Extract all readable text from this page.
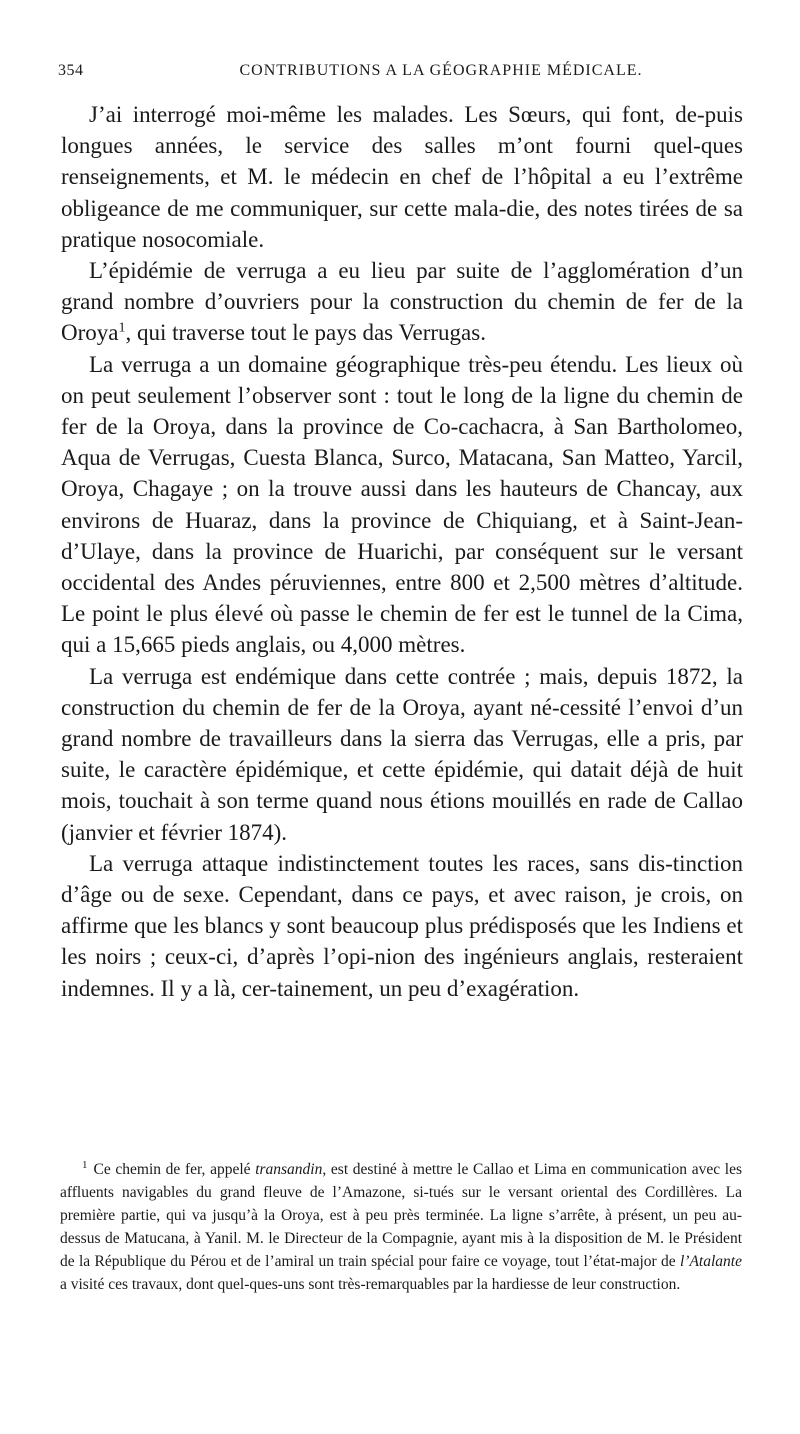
354	CONTRIBUTIONS A LA GÉOGRAPHIE MÉDICALE.

J’ai interrogé moi-même les malades. Les Sœurs, qui font, de-puis longues années, le service des salles m’ont fourni quel-ques renseignements, et M. le médecin en chef de l’hôpital a eu l’extrême obligeance de me communiquer, sur cette mala-die, des notes tirées de sa pratique nosocomiale.

L’épidémie de verruga a eu lieu par suite de l’agglomération d’un grand nombre d’ouvriers pour la construction du chemin de fer de la Oroya$^1$, qui traverse tout le pays das Verrugas.

La verruga a un domaine géographique très-peu étendu. Les lieux où on peut seulement l’observer sont : tout le long de la ligne du chemin de fer de la Oroya, dans la province de Co-cachacra, à San Bartholomeo, Aqua de Verrugas, Cuesta Blanca, Surco, Matacana, San Matteo, Yarcil, Oroya, Chagaye ; on la trouve aussi dans les hauteurs de Chancay, aux environs de Huaraz, dans la province de Chiquiang, et à Saint-Jean-d’Ulaye, dans la province de Huarichi, par conséquent sur le versant occidental des Andes péruviennes, entre 800 et 2,500 mètres d’altitude. Le point le plus élevé où passe le chemin de fer est le tunnel de la Cima, qui a 15,665 pieds anglais, ou 4,000 mètres.

La verruga est endémique dans cette contrée ; mais, depuis 1872, la construction du chemin de fer de la Oroya, ayant né-cessité l’envoi d’un grand nombre de travailleurs dans la sierra das Verrugas, elle a pris, par suite, le caractère épidémique, et cette épidémie, qui datait déjà de huit mois, touchait à son terme quand nous étions mouillés en rade de Callao (janvier et février 1874).

La verruga attaque indistinctement toutes les races, sans dis-tinction d’âge ou de sexe. Cependant, dans ce pays, et avec raison, je crois, on affirme que les blancs y sont beaucoup plus prédisposés que les Indiens et les noirs ; ceux-ci, d’après l’opi-nion des ingénieurs anglais, resteraient indemnes. Il y a là, cer-tainement, un peu d’exagération.

$^1$ Ce chemin de fer, appelé transandin, est destiné à mettre le Callao et Lima en communication avec les affluents navigables du grand fleuve de l’Amazone, si-tués sur le versant oriental des Cordillères. La première partie, qui va jusqu’à la Oroya, est à peu près terminée. La ligne s’arrête, à présent, un peu au-dessus de Matucana, à Yanil. M. le Directeur de la Compagnie, ayant mis à la disposition de M. le Président de la République du Pérou et de l’amiral un train spécial pour faire ce voyage, tout l’état-major de l’Atalante a visité ces travaux, dont quel-ques-uns sont très-remarquables par la hardiesse de leur construction.
